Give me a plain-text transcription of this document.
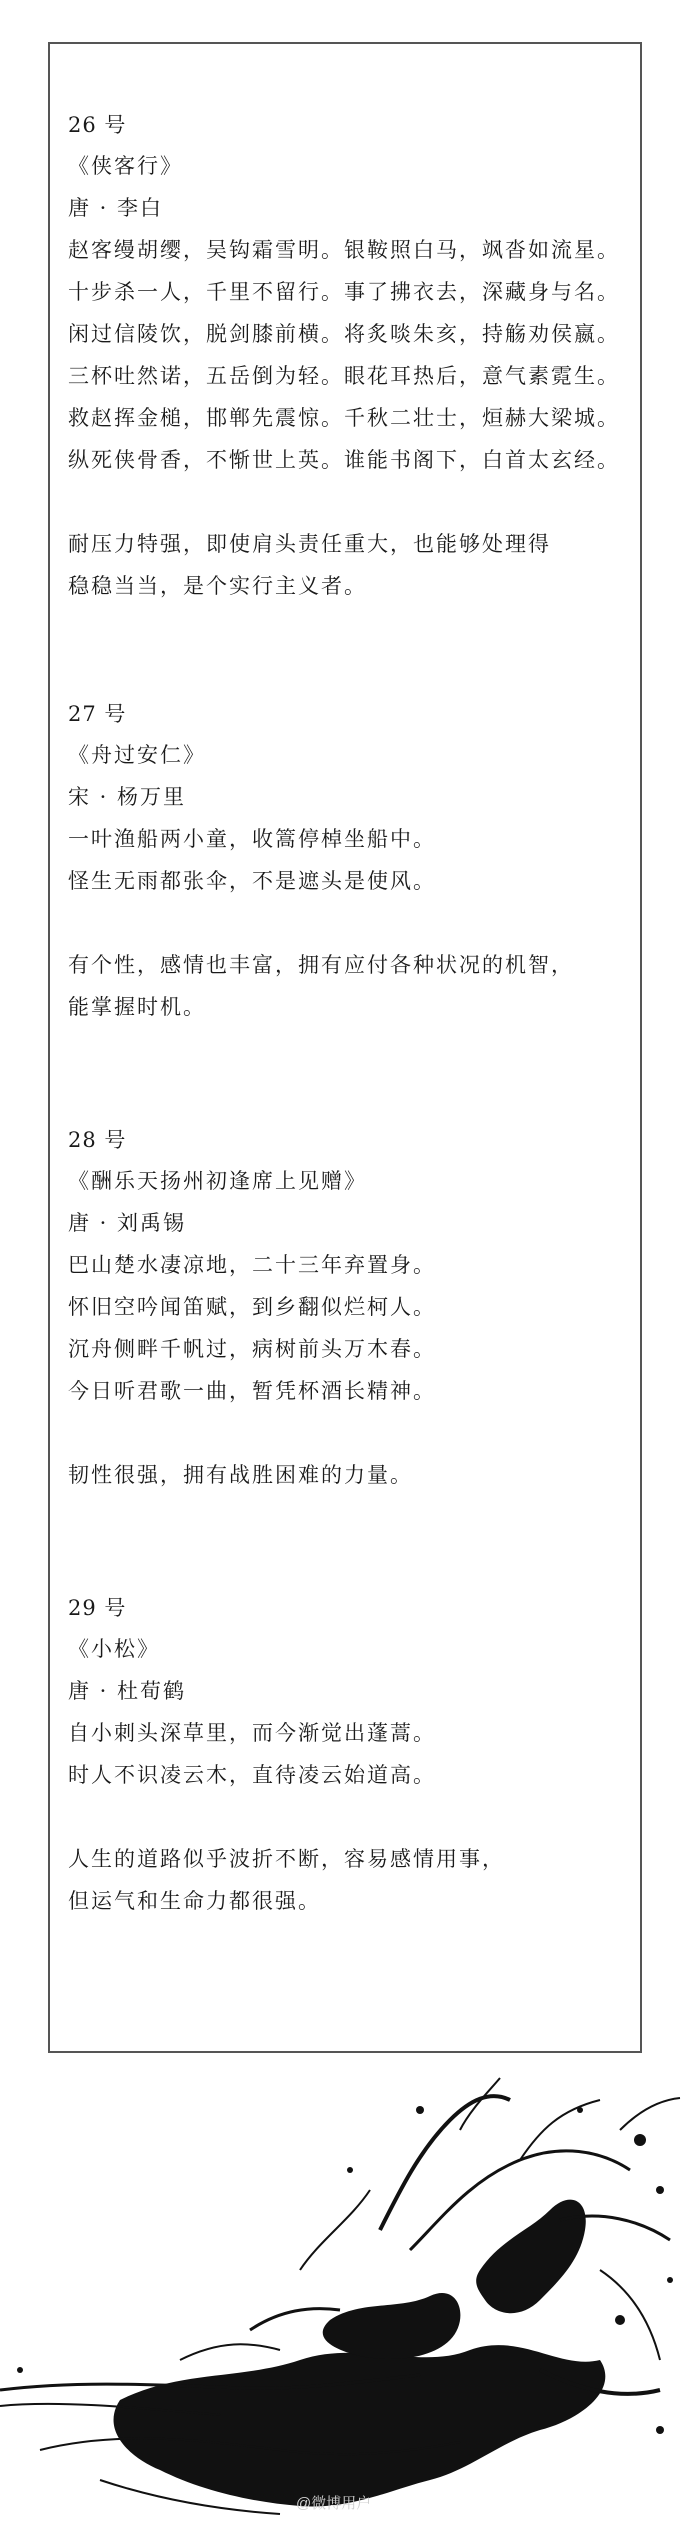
26 号
《侠客行》
唐 · 李白
赵客缦胡缨，吴钩霜雪明。银鞍照白马，飒沓如流星。
十步杀一人，千里不留行。事了拂衣去，深藏身与名。
闲过信陵饮，脱剑膝前横。将炙啖朱亥，持觞劝侯嬴。
三杯吐然诺，五岳倒为轻。眼花耳热后，意气素霓生。
救赵挥金槌，邯郸先震惊。千秋二壮士，烜赫大梁城。
纵死侠骨香，不惭世上英。谁能书阁下，白首太玄经。
耐压力特强，即使肩头责任重大，也能够处理得
稳稳当当，是个实行主义者。
27 号
《舟过安仁》
宋 · 杨万里
一叶渔船两小童，收篙停棹坐船中。
怪生无雨都张伞，不是遮头是使风。
有个性，感情也丰富，拥有应付各种状况的机智，
能掌握时机。
28 号
《酬乐天扬州初逢席上见赠》
唐 · 刘禹锡
巴山楚水凄凉地，二十三年弃置身。
怀旧空吟闻笛赋，到乡翻似烂柯人。
沉舟侧畔千帆过，病树前头万木春。
今日听君歌一曲，暂凭杯酒长精神。
韧性很强，拥有战胜困难的力量。
29 号
《小松》
唐 · 杜荀鹤
自小刺头深草里，而今渐觉出蓬蒿。
时人不识凌云木，直待凌云始道高。
人生的道路似乎波折不断，容易感情用事，
但运气和生命力都很强。
@微博用户
